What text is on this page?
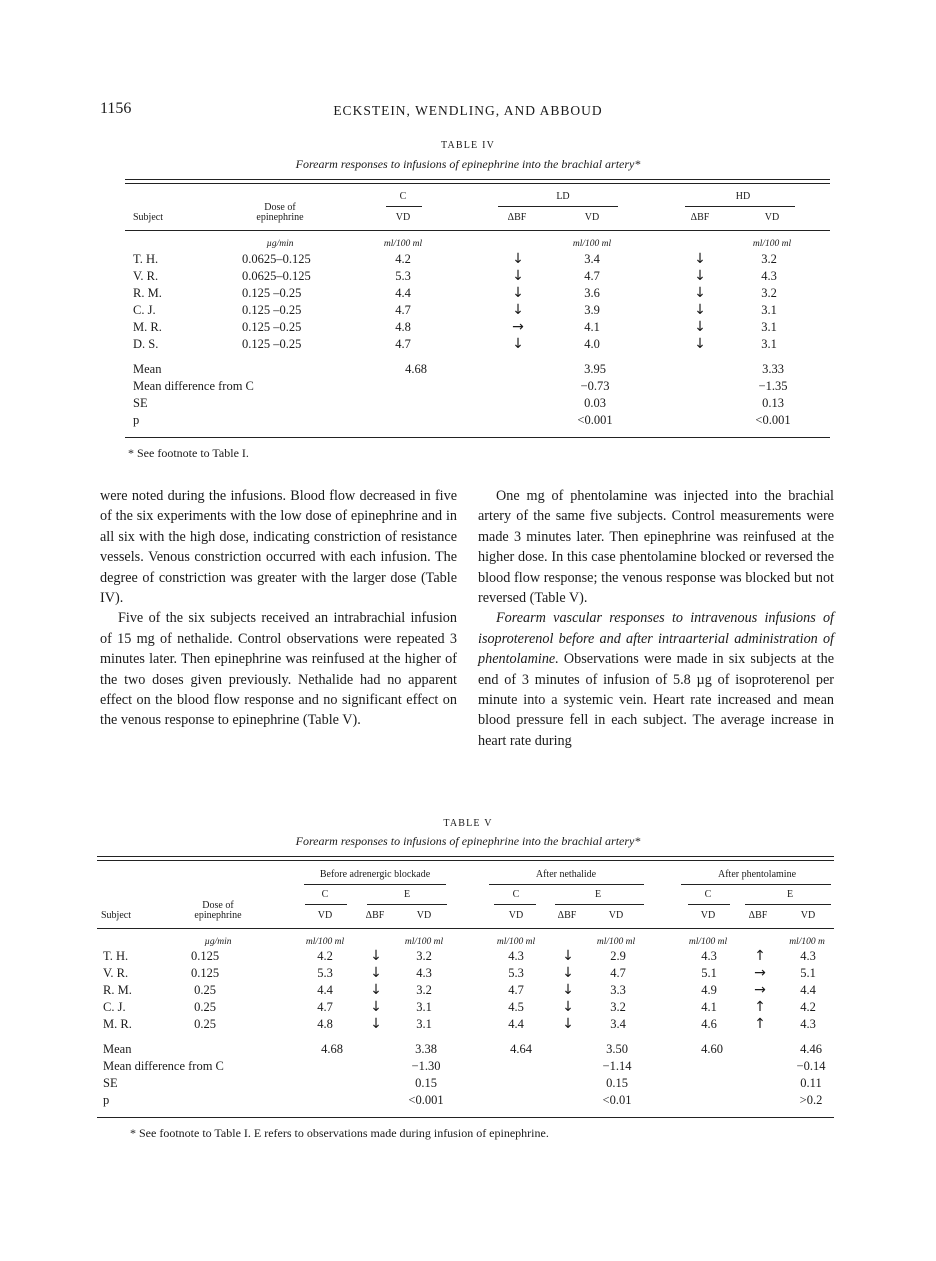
1156	ECKSTEIN, WENDLING, AND ABBOUD
TABLE IV
Forearm responses to infusions of epinephrine into the brachial artery*
C	LD	HD
Dose of
epinephrine
Subject	VD	ΔBF	VD	ΔBF	VD
µg/min	ml/100 ml	ml/100 ml	ml/100 ml
T. H.	0.0625–0.125	4.2	↓	3.4	↓	3.2
V. R.	0.0625–0.125	5.3	↓	4.7	↓	4.3
R. M.	0.125 –0.25	4.4	↓	3.6	↓	3.2
C. J.	0.125 –0.25	4.7	↓	3.9	↓	3.1
M. R.	0.125 –0.25	4.8	→	4.1	↓	3.1
D. S.	0.125 –0.25	4.7	↓	4.0	↓	3.1
Mean	4.68	3.95	3.33
Mean difference from C	−0.73	−1.35
SE	0.03	0.13
p	<0.001	<0.001
* See footnote to Table I.

were noted during the infusions. Blood flow decreased in five of the six experiments with the low dose of epinephrine and in all six with the high dose, indicating constriction of resistance vessels. Venous constriction occurred with each infusion. The degree of constriction was greater with the larger dose (Table IV).

Five of the six subjects received an intrabrachial infusion of 15 mg of nethalide. Control observations were repeated 3 minutes later. Then epinephrine was reinfused at the higher of the two doses given previously. Nethalide had no apparent effect on the blood flow response and no significant effect on the venous response to epinephrine (Table V).

One mg of phentolamine was injected into the brachial artery of the same five subjects. Control measurements were made 3 minutes later. Then epinephrine was reinfused at the higher dose. In this case phentolamine blocked or reversed the blood flow response; the venous response was blocked but not reversed (Table V).

Forearm vascular responses to intravenous infusions of isoproterenol before and after intraarterial administration of phentolamine. Observations were made in six subjects at the end of 3 minutes of infusion of 5.8 µg of isoproterenol per minute into a systemic vein. Heart rate increased and mean blood pressure fell in each subject. The average increase in heart rate during

TABLE V
Forearm responses to infusions of epinephrine into the brachial artery*
Before adrenergic blockade	After nethalide	After phentolamine
C	E	C	E	C	E
Dose of
epinephrine
Subject	VD	ΔBF	VD	VD	ΔBF	VD	VD	ΔBF	VD
µg/min	ml/100 ml	ml/100 ml	ml/100 ml	ml/100 ml	ml/100 ml	ml/100 m
T. H.	0.125	4.2	↓	3.2	4.3	↓	2.9	4.3	↑	4.3
V. R.	0.125	5.3	↓	4.3	5.3	↓	4.7	5.1	→	5.1
R. M.	0.25	4.4	↓	3.2	4.7	↓	3.3	4.9	→	4.4
C. J.	0.25	4.7	↓	3.1	4.5	↓	3.2	4.1	↑	4.2
M. R.	0.25	4.8	↓	3.1	4.4	↓	3.4	4.6	↑	4.3
Mean	4.68	3.38	4.64	3.50	4.60	4.46
Mean difference from C	−1.30	−1.14	−0.14
SE	0.15	0.15	0.11
p	<0.001	<0.01	>0.2
* See footnote to Table I. E refers to observations made during infusion of epinephrine.
